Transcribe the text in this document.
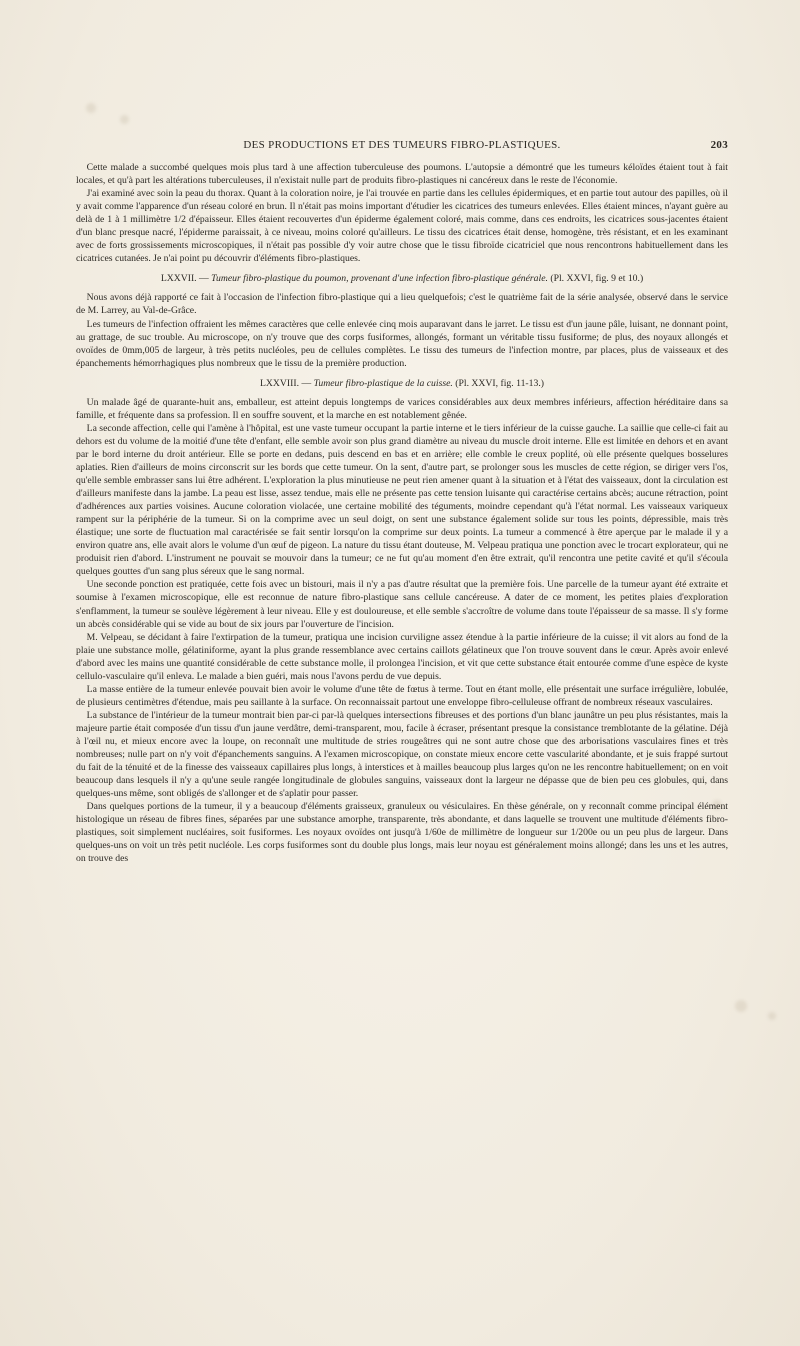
DES PRODUCTIONS ET DES TUMEURS FIBRO-PLASTIQUES.	203

Cette malade a succombé quelques mois plus tard à une affection tuberculeuse des poumons. L'autopsie a démontré que les tumeurs kéloïdes étaient tout à fait locales, et qu'à part les altérations tuberculeuses, il n'existait nulle part de produits fibro-plastiques ni cancéreux dans le reste de l'économie.

J'ai examiné avec soin la peau du thorax. Quant à la coloration noire, je l'ai trouvée en partie dans les cellules épidermiques, et en partie tout autour des papilles, où il y avait comme l'apparence d'un réseau coloré en brun. Il n'était pas moins important d'étudier les cicatrices des tumeurs enlevées. Elles étaient minces, n'ayant guère au delà de 1 à 1 millimètre 1/2 d'épaisseur. Elles étaient recouvertes d'un épiderme également coloré, mais comme, dans ces endroits, les cicatrices sous-jacentes étaient d'un blanc presque nacré, l'épiderme paraissait, à ce niveau, moins coloré qu'ailleurs. Le tissu des cicatrices était dense, homogène, très résistant, et en les examinant avec de forts grossissements microscopiques, il n'était pas possible d'y voir autre chose que le tissu fibroïde cicatriciel que nous rencontrons habituellement dans les cicatrices cutanées. Je n'ai point pu découvrir d'éléments fibro-plastiques.

LXXVII. — Tumeur fibro-plastique du poumon, provenant d'une infection fibro-plastique générale. (Pl. XXVI, fig. 9 et 10.)

Nous avons déjà rapporté ce fait à l'occasion de l'infection fibro-plastique qui a lieu quelquefois; c'est le quatrième fait de la série analysée, observé dans le service de M. Larrey, au Val-de-Grâce.

Les tumeurs de l'infection offraient les mêmes caractères que celle enlevée cinq mois auparavant dans le jarret. Le tissu est d'un jaune pâle, luisant, ne donnant point, au grattage, de suc trouble. Au microscope, on n'y trouve que des corps fusiformes, allongés, formant un véritable tissu fusiforme; de plus, des noyaux allongés et ovoïdes de 0mm,005 de largeur, à très petits nucléoles, peu de cellules complètes. Le tissu des tumeurs de l'infection montre, par places, plus de vaisseaux et des épanchements hémorrhagiques plus nombreux que le tissu de la première production.

LXXVIII. — Tumeur fibro-plastique de la cuisse. (Pl. XXVI, fig. 11-13.)

Un malade âgé de quarante-huit ans, emballeur, est atteint depuis longtemps de varices considérables aux deux membres inférieurs, affection héréditaire dans sa famille, et fréquente dans sa profession. Il en souffre souvent, et la marche en est notablement gênée.

La seconde affection, celle qui l'amène à l'hôpital, est une vaste tumeur occupant la partie interne et le tiers inférieur de la cuisse gauche. La saillie que celle-ci fait au dehors est du volume de la moitié d'une tête d'enfant, elle semble avoir son plus grand diamètre au niveau du muscle droit interne. Elle est limitée en dehors et en avant par le bord interne du droit antérieur. Elle se porte en dedans, puis descend en bas et en arrière; elle comble le creux poplité, où elle présente quelques bosselures aplaties. Rien d'ailleurs de moins circonscrit sur les bords que cette tumeur. On la sent, d'autre part, se prolonger sous les muscles de cette région, se diriger vers l'os, qu'elle semble embrasser sans lui être adhérent. L'exploration la plus minutieuse ne peut rien amener quant à la situation et à l'état des vaisseaux, dont la circulation est d'ailleurs manifeste dans la jambe. La peau est lisse, assez tendue, mais elle ne présente pas cette tension luisante qui caractérise certains abcès; aucune rétraction, point d'adhérences aux parties voisines. Aucune coloration violacée, une certaine mobilité des téguments, moindre cependant qu'à l'état normal. Les vaisseaux variqueux rampent sur la périphérie de la tumeur. Si on la comprime avec un seul doigt, on sent une substance également solide sur tous les points, dépressible, mais très élastique; une sorte de fluctuation mal caractérisée se fait sentir lorsqu'on la comprime sur deux points. La tumeur a commencé à être aperçue par le malade il y a environ quatre ans, elle avait alors le volume d'un œuf de pigeon. La nature du tissu étant douteuse, M. Velpeau pratiqua une ponction avec le trocart explorateur, qui ne produisit rien d'abord. L'instrument ne pouvait se mouvoir dans la tumeur; ce ne fut qu'au moment d'en être extrait, qu'il rencontra une petite cavité et qu'il s'écoula quelques gouttes d'un sang plus séreux que le sang normal.

Une seconde ponction est pratiquée, cette fois avec un bistouri, mais il n'y a pas d'autre résultat que la première fois. Une parcelle de la tumeur ayant été extraite et soumise à l'examen microscopique, elle est reconnue de nature fibro-plastique sans cellule cancéreuse. A dater de ce moment, les petites plaies d'exploration s'enflamment, la tumeur se soulève légèrement à leur niveau. Elle y est douloureuse, et elle semble s'accroître de volume dans toute l'épaisseur de sa masse. Il s'y forme un abcès considérable qui se vide au bout de six jours par l'ouverture de l'incision.

M. Velpeau, se décidant à faire l'extirpation de la tumeur, pratiqua une incision curviligne assez étendue à la partie inférieure de la cuisse; il vit alors au fond de la plaie une substance molle, gélatiniforme, ayant la plus grande ressemblance avec certains caillots gélatineux que l'on trouve souvent dans le cœur. Après avoir enlevé d'abord avec les mains une quantité considérable de cette substance molle, il prolongea l'incision, et vit que cette substance était entourée comme d'une espèce de kyste cellulo-vasculaire qu'il enleva. Le malade a bien guéri, mais nous l'avons perdu de vue depuis.

La masse entière de la tumeur enlevée pouvait bien avoir le volume d'une tête de fœtus à terme. Tout en étant molle, elle présentait une surface irrégulière, lobulée, de plusieurs centimètres d'étendue, mais peu saillante à la surface. On reconnaissait partout une enveloppe fibro-celluleuse offrant de nombreux réseaux vasculaires.

La substance de l'intérieur de la tumeur montrait bien par-ci par-là quelques intersections fibreuses et des portions d'un blanc jaunâtre un peu plus résistantes, mais la majeure partie était composée d'un tissu d'un jaune verdâtre, demi-transparent, mou, facile à écraser, présentant presque la consistance tremblotante de la gélatine. Déjà à l'œil nu, et mieux encore avec la loupe, on reconnaît une multitude de stries rougeâtres qui ne sont autre chose que des arborisations vasculaires fines et très nombreuses; nulle part on n'y voit d'épanchements sanguins. A l'examen microscopique, on constate mieux encore cette vascularité abondante, et je suis frappé surtout du fait de la ténuité et de la finesse des vaisseaux capillaires plus longs, à interstices et à mailles beaucoup plus larges qu'on ne les rencontre habituellement; on en voit beaucoup dans lesquels il n'y a qu'une seule rangée longitudinale de globules sanguins, vaisseaux dont la largeur ne dépasse que de bien peu ces globules, qui, dans quelques-uns même, sont obligés de s'allonger et de s'aplatir pour passer.

Dans quelques portions de la tumeur, il y a beaucoup d'éléments graisseux, granuleux ou vésiculaires. En thèse générale, on y reconnaît comme principal élément histologique un réseau de fibres fines, séparées par une substance amorphe, transparente, très abondante, et dans laquelle se trouvent une multitude d'éléments fibro-plastiques, soit simplement nucléaires, soit fusiformes. Les noyaux ovoïdes ont jusqu'à 1/60e de millimètre de longueur sur 1/200e ou un peu plus de largeur. Dans quelques-uns on voit un très petit nucléole. Les corps fusiformes sont du double plus longs, mais leur noyau est généralement moins allongé; dans les uns et les autres, on trouve des
